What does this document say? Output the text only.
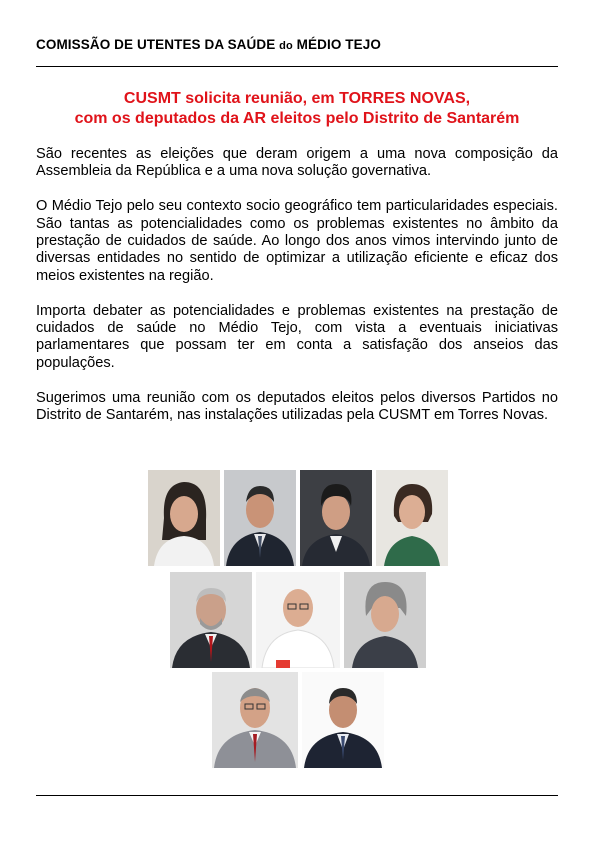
COMISSÃO DE UTENTES DA SAÚDE do MÉDIO TEJO
CUSMT solicita reunião, em TORRES NOVAS,
com os deputados da AR eleitos pelo Distrito de Santarém

São recentes as eleições que deram origem a uma nova composição da Assembleia da República e a uma nova solução governativa.

O Médio Tejo pelo seu contexto socio geográfico tem particularidades especiais. São tantas as potencialidades como os problemas existentes no âmbito da prestação de cuidados de saúde. Ao longo dos anos vimos intervindo junto de diversas entidades no sentido de optimizar a utilização eficiente e eficaz dos meios existentes na região.

Importa debater as potencialidades e problemas existentes na prestação de cuidados de saúde no Médio Tejo, com vista a eventuais iniciativas parlamentares que possam ter em conta a satisfação dos anseios das populações.

Sugerimos uma reunião com os deputados eleitos pelos diversos Partidos no Distrito de Santarém, nas instalações utilizadas pela CUSMT em Torres Novas.
